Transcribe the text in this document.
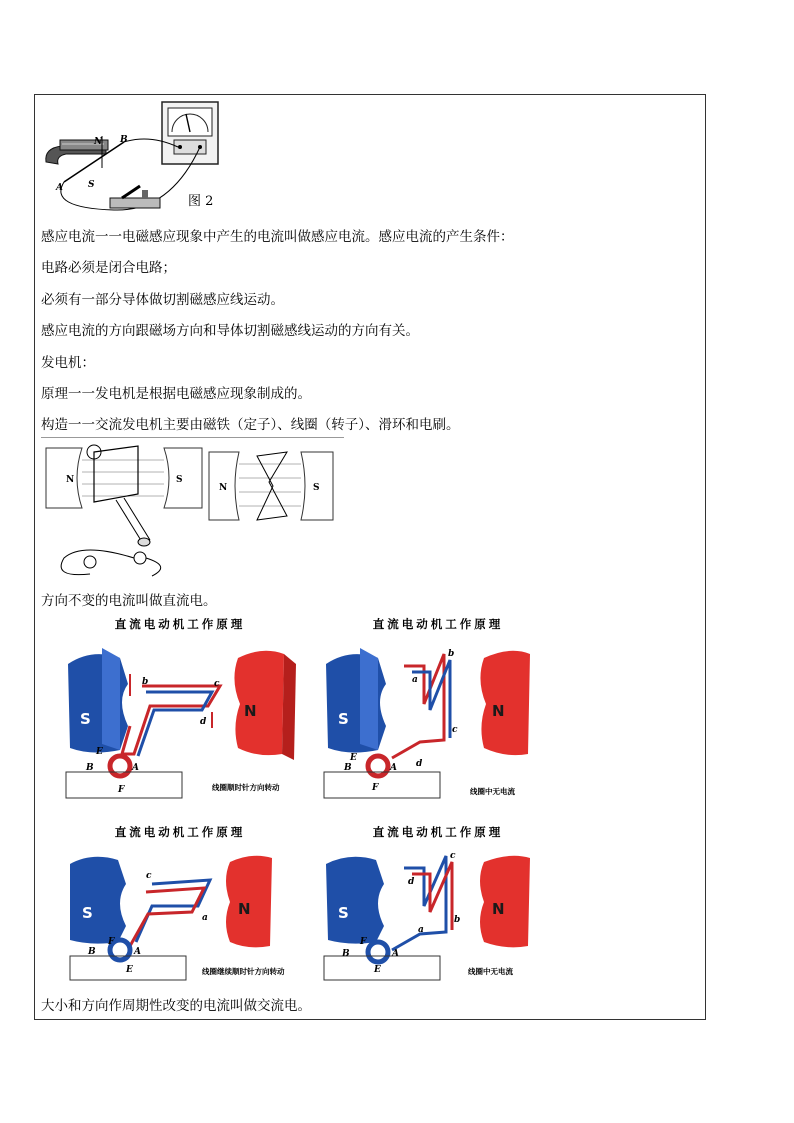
N B
A	S
图 2
感应电流一一电磁感应现象中产生的电流叫做感应电流。感应电流的产生条件：
电路必须是闭合电路；
必须有一部分导体做切割磁感应线运动。
感应电流的方向跟磁场方向和导体切割磁感线运动的方向有关。
发电机：
原理一一发电机是根据电磁感应现象制成的。
构造一一交流发电机主要由磁铁（定子）、线圈（转子）、滑环和电刷。
N	S
N	S
方向不变的电流叫做直流电。
直流电动机工作原理
S	N
b	c
d
E
B	A
F	线圈顺时针方向转动
直流电动机工作原理
S	N
a
b
c
d
E
B	A
F	线圈中无电流
直流电动机工作原理
S	N
c
a
B
F
A
E	线圈继续顺时针方向转动
直流电动机工作原理
S	N
d
c
b
a
B
F
A
E	线圈中无电流
大小和方向作周期性改变的电流叫做交流电。
